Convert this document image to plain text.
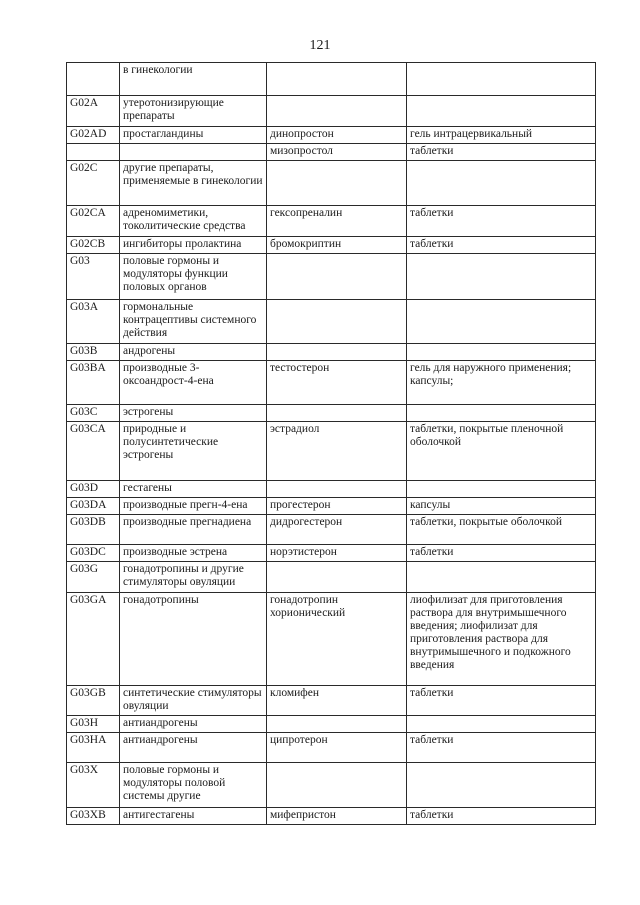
121
	в гинекологии		
G02A	утеротонизирующие препараты		
G02AD	простагландины	динопростон	гель интрацервикальный
		мизопростол	таблетки
G02C	другие препараты, применяемые в гинекологии		
G02CA	адреномиметики, токолитические средства	гексопреналин	таблетки
G02CB	ингибиторы пролактина	бромокриптин	таблетки
G03	половые гормоны и модуляторы функции половых органов		
G03A	гормональные контрацептивы системного действия		
G03B	андрогены		
G03BA	производные 3-оксоандрост-4-ена	тестостерон	гель для наружного применения; капсулы;
G03C	эстрогены		
G03CA	природные и полусинтетические эстрогены	эстрадиол	таблетки, покрытые пленочной оболочкой
G03D	гестагены		
G03DA	производные прегн-4-ена	прогестерон	капсулы
G03DB	производные прегнадиена	дидрогестерон	таблетки, покрытые оболочкой
G03DC	производные эстрена	норэтистерон	таблетки
G03G	гонадотропины и другие стимуляторы овуляции		
G03GA	гонадотропины	гонадотропин хорионический	лиофилизат для приготовления раствора для внутримышечного введения; лиофилизат для приготовления раствора для внутримышечного и подкожного введения
G03GB	синтетические стимуляторы овуляции	кломифен	таблетки
G03H	антиандрогены		
G03HA	антиандрогены	ципротерон	таблетки
G03X	половые гормоны и модуляторы половой системы другие		
G03XB	антигестагены	мифепристон	таблетки
